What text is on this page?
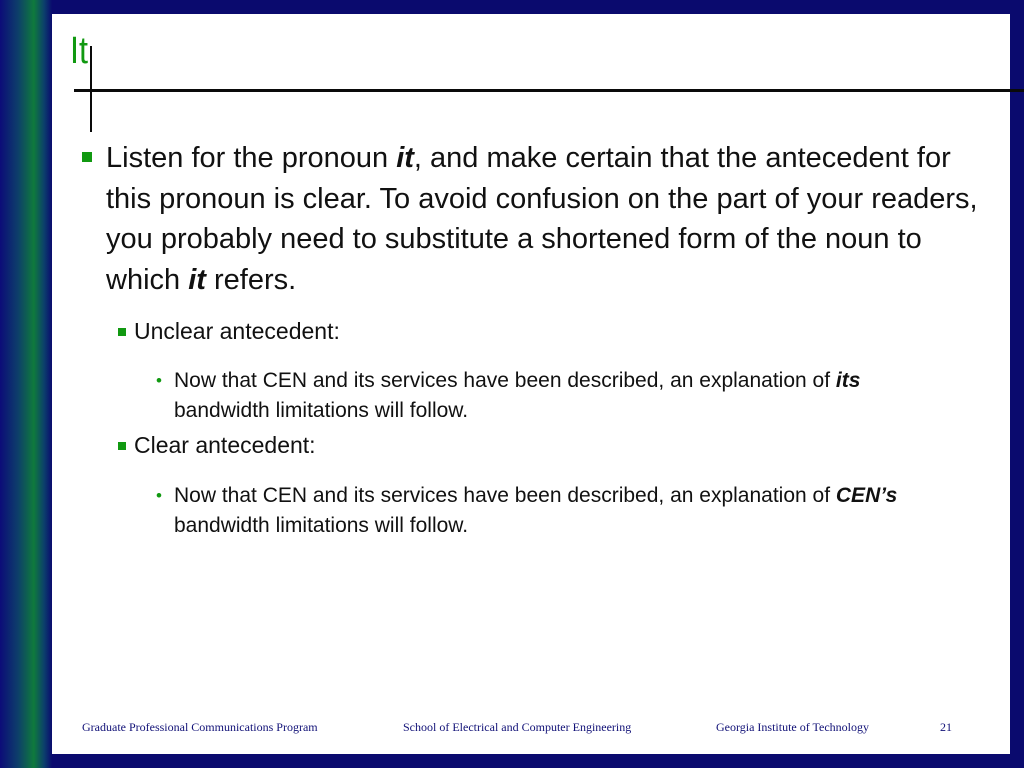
It
Listen for the pronoun it, and make certain that the antecedent for this pronoun is clear. To avoid confusion on the part of your readers, you probably need to substitute a shortened form of the noun to which it refers.
Unclear antecedent:
• Now that CEN and its services have been described, an explanation of its bandwidth limitations will follow.
Clear antecedent:
• Now that CEN and its services have been described, an explanation of CEN’s bandwidth limitations will follow.
Graduate Professional Communications Program	School of Electrical and Computer Engineering	Georgia Institute of Technology	21
